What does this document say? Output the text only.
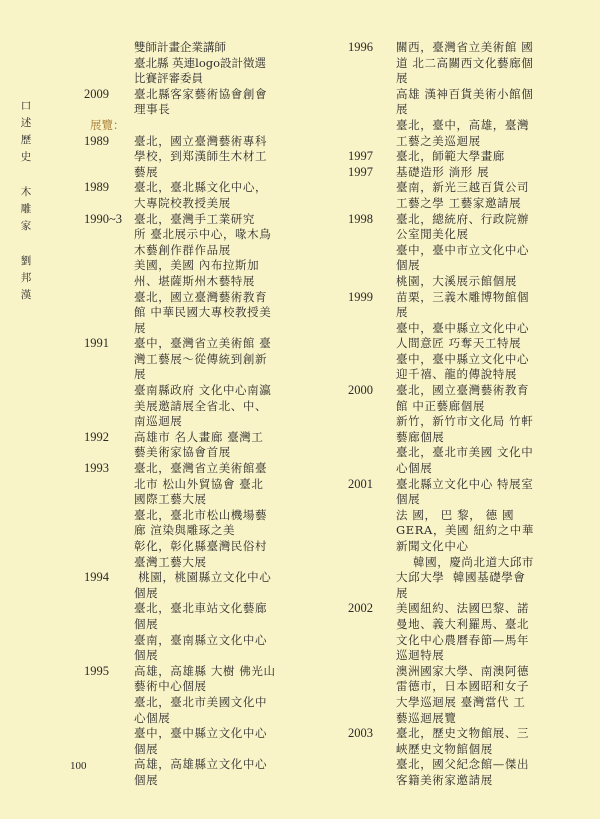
口
述
歷
史
木
雕
家
劉
邦
漢
雙師計畫企業講師
臺北縣 英連logo設計徵選
比賽評審委員
2009	臺北縣客家藝術協會創會
理事長
展覽：
1989	臺北，國立臺灣藝術專科
學校，到郑漢師生木材工
藝展
1989	臺北，臺北縣文化中心，
大專院校教授美展
1990~3	臺北，臺灣手工業研究
所 臺北展示中心，喙木鳥
木藝創作群作品展
美國，美國 內布拉斯加
州、堪薩斯州木藝特展
臺北，國立臺灣藝術教育
館 中華民國大專校教授美
展
1991	臺中，臺灣省立美術館 臺
灣工藝展～從傳統到創新
展
臺南縣政府 文化中心南瀛
美展邀請展全省北、中、
南巡迴展
1992	高雄市 名人畫廊 臺灣工
藝美術家協會首展
1993	臺北，臺灣省立美術館臺
北市 松山外貿協會 臺北
國際工藝大展
臺北，臺北市松山機場藝
廊 渲染與雕琢之美
彰化，彰化縣臺灣民俗村
臺灣工藝大展
1994	桃園，桃園縣立文化中心
個展
臺北，臺北車站文化藝廊
個展
臺南，臺南縣立文化中心
個展
1995	高雄，高雄縣 大樹 佛光山
藝術中心個展
臺北，臺北市美國文化中
心個展
臺中，臺中縣立文化中心
個展
高雄，高雄縣立文化中心
個展
1996	關西，臺灣省立美術館 國
道 北二高關西文化藝廊個
展
高雄 漢神百貨美術小館個
展
臺北，臺中，高雄，臺灣
工藝之美巡迴展
1997	臺北，師範大學畫廊
1997	基礎造形 淌形 展
臺南，新光三越百貨公司
工藝之學 工藝家邀請展
1998	臺北，總統府、行政院辦
公室閒美化展
臺中，臺中市立文化中心
個展
桃園，大溪展示館個展
1999	苗栗，三義木雕博物館個
展
臺中，臺中縣立文化中心
人間意匠 巧奪天工特展
臺中，臺中縣立文化中心
迎千禧、龍的傳說特展
2000	臺北，國立臺灣藝術教育
館 中正藝廊個展
新竹，新竹市文化局 竹軒
藝廊個展
臺北，臺北市美國 文化中
心個展
2001	臺北縣立文化中心 特展室
個展
法 國， 巴 黎， 德 國
GERA，美國 紐約之中華
新聞文化中心
韓國，慶尚北道大邱市
大邱大學  韓國基礎學會
展
2002	美國紐約、法國巴黎、諾
曼地、義大利羅馬、臺北
文化中心農曆春節—馬年
巡迴特展
澳洲國家大學、南澳阿德
雷德市，日本國昭和女子
大學巡迴展 臺灣當代 工
藝巡迴展覽
2003	臺北，歷史文物館展、三
峽歷史文物館個展
臺北，國父紀念館—傑出
客籍美術家邀請展
100
